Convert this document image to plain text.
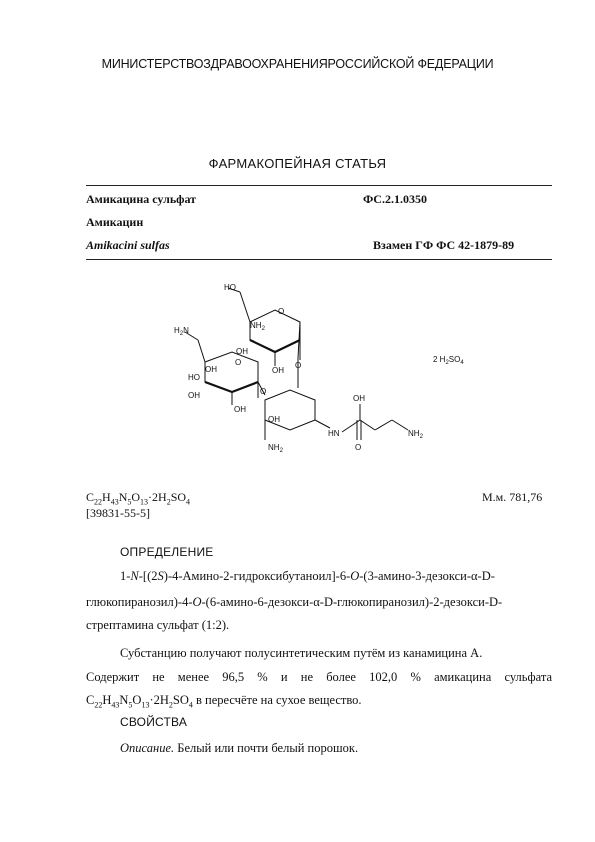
МИНИСТЕРСТВОЗДРАВООХРАНЕНИЯРОССИЙСКОЙ ФЕДЕРАЦИИ
ФАРМАКОПЕЙНАЯ СТАТЬЯ
Амикацина сульфат	ФС.2.1.0350
Амикацин
Amikacini sulfas	Взамен ГФ ФС 42-1879-89
HO
$NH_2$
O
$H_2N$
OH
OH
O
HO
OH
OH
OH
O
O
OH
$NH_2$
HN
OH
O
$NH_2$
2 $H_2SO_4$
$C_{22}H_{43}N_5O_{13}\cdot 2H_2SO_4$	М.м. 781,76
[39831-55-5]
ОПРЕДЕЛЕНИЕ
1-N-[(2S)-4-Амино-2-гидроксибутаноил]-6-O-(3-амино-3-дезокси-α-D-
глюкопиранозил)-4-O-(6-амино-6-дезокси-α-D-глюкопиранозил)-2-дезокси-D-
стрептамина сульфат (1:2).
Субстанцию получают полусинтетическим путём из канамицина А.
Содержит не менее 96,5 % и не более 102,0 % амикацина сульфата
$C_{22}H_{43}N_5O_{13}\cdot 2H_2SO_4$ в пересчёте на сухое вещество.
СВОЙСТВА
Описание. Белый или почти белый порошок.
